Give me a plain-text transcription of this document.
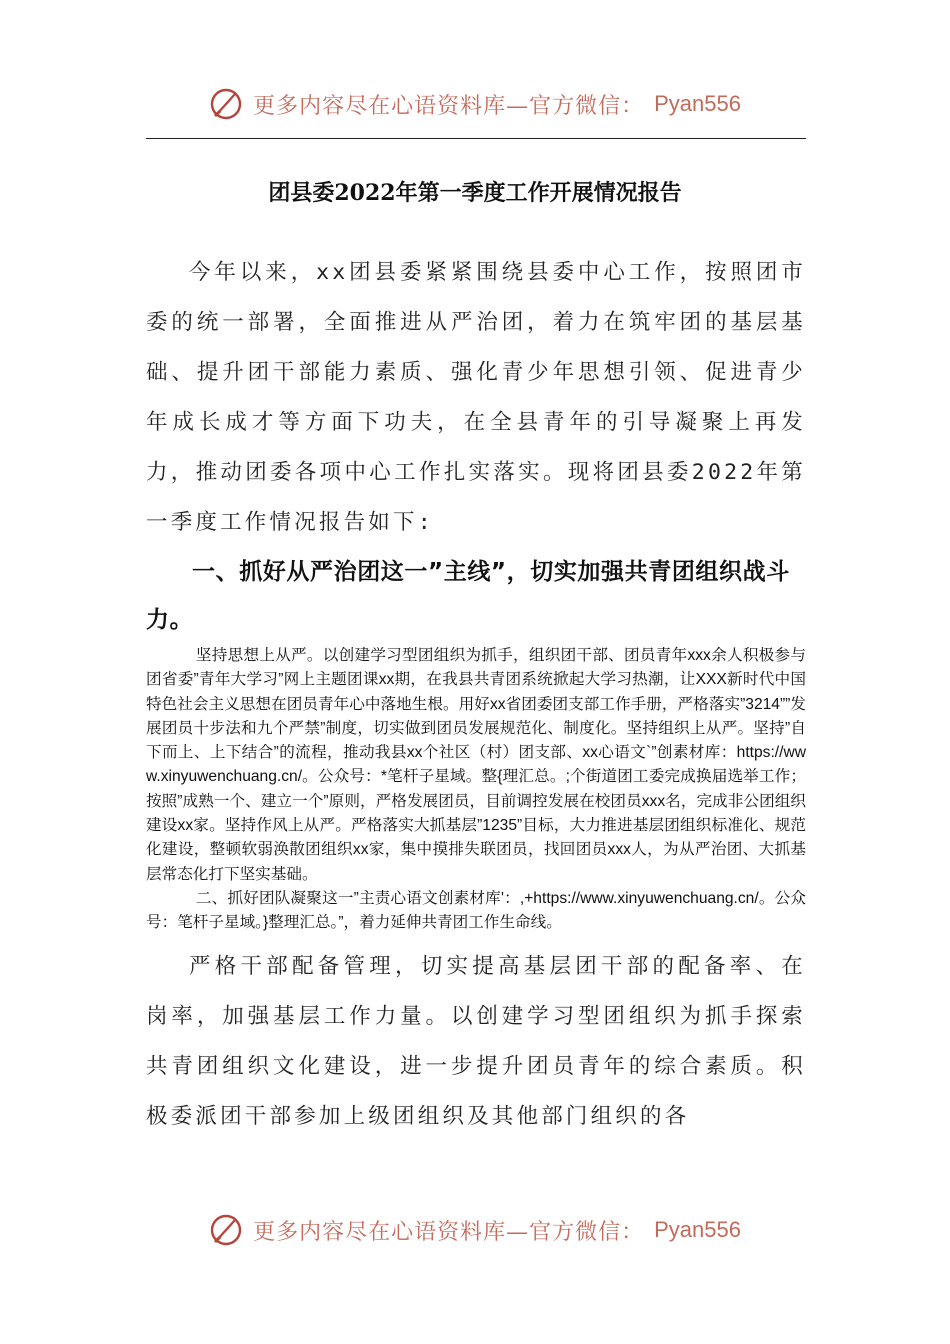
更多内容尽在心语资料库—官方微信： Pyan556
团县委2022年第一季度工作开展情况报告

今年以来，xx团县委紧紧围绕县委中心工作，按照团市委的统一部署，全面推进从严治团，着力在筑牢团的基层基础、提升团干部能力素质、强化青少年思想引领、促进青少年成长成才等方面下功夫，在全县青年的引导凝聚上再发力，推动团委各项中心工作扎实落实。现将团县委2022年第一季度工作情况报告如下:

一、抓好从严治团这一”主线”，切实加强共青团组织战斗力。

坚持思想上从严。以创建学习型团组织为抓手，组织团干部、团员青年xxx余人积极参与团省委”青年大学习”网上主题团课xx期，在我县共青团系统掀起大学习热潮，让XXX新时代中国特色社会主义思想在团员青年心中落地生根。用好xx省团委团支部工作手册，严格落实”3214””发展团员十步法和九个严禁”制度，切实做到团员发展规范化、制度化。坚持组织上从严。坚持”自下而上、上下结合”的流程，推动我县xx个社区（村）团支部、xx心语文`”创素材库：https://www.xinyuwenchuang.cn/。公众号：*笔杆子星域。整{理汇总。;个街道团工委完成换届选举工作；按照”成熟一个、建立一个”原则，严格发展团员，目前调控发展在校团员xxx名，完成非公团组织建设xx家。坚持作风上从严。严格落实大抓基层”1235”目标，大力推进基层团组织标准化、规范化建设，整顿软弱涣散团组织xx家，集中摸排失联团员，找回团员xxx人，为从严治团、大抓基层常态化打下坚实基础。

二、抓好团队凝聚这一”主责心语文创素材库'：,+https://www.xinyuwenchuang.cn/。公众号：笔杆子星域。}整理汇总。”，着力延伸共青团工作生命线。

严格干部配备管理，切实提高基层团干部的配备率、在岗率，加强基层工作力量。以创建学习型团组织为抓手探索共青团组织文化建设，进一步提升团员青年的综合素质。积极委派团干部参加上级团组织及其他部门组织的各

更多内容尽在心语资料库—官方微信： Pyan556
